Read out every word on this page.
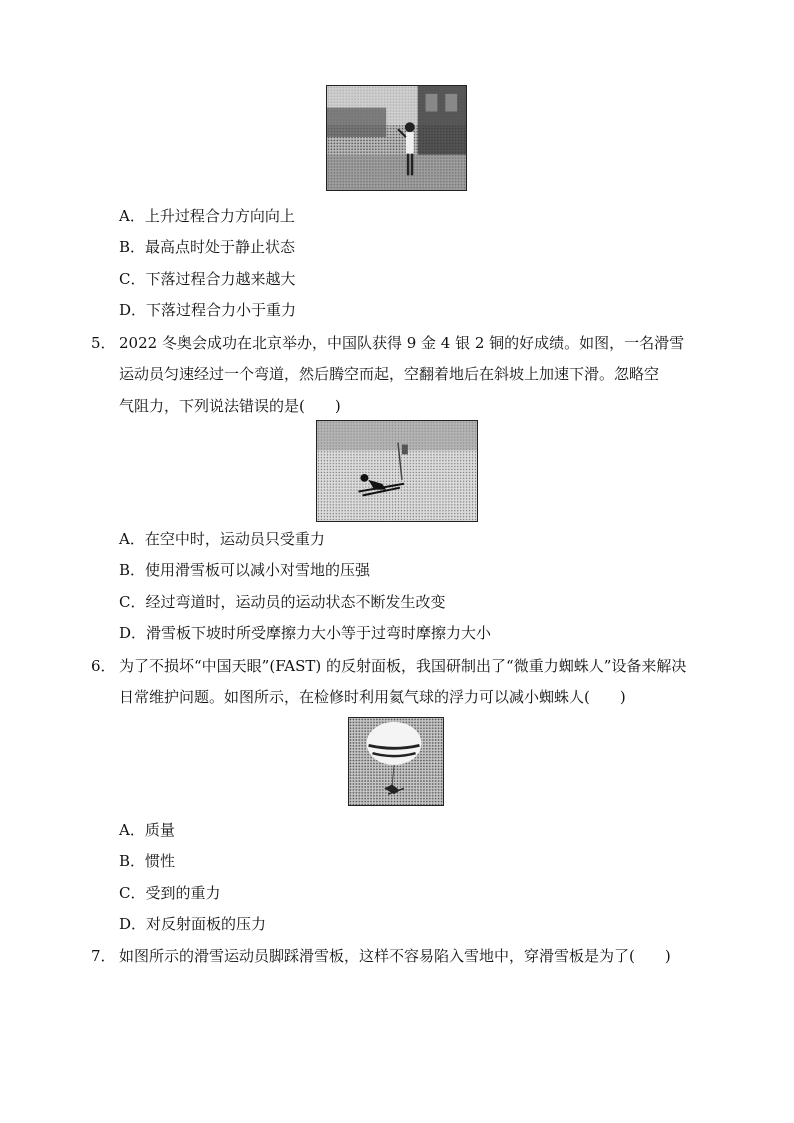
A．上升过程合力方向向上
B．最高点时处于静止状态
C．下落过程合力越来越大
D．下落过程合力小于重力
5． 2022 冬奥会成功在北京举办，中国队获得 9 金 4 银 2 铜的好成绩。如图，一名滑雪
运动员匀速经过一个弯道，然后腾空而起，空翻着地后在斜坡上加速下滑。忽略空
气阻力，下列说法错误的是(　　)
A．在空中时，运动员只受重力
B．使用滑雪板可以减小对雪地的压强
C．经过弯道时，运动员的运动状态不断发生改变
D．滑雪板下坡时所受摩擦力大小等于过弯时摩擦力大小
6． 为了不损坏“中国天眼”(FAST) 的反射面板，我国研制出了“微重力蜘蛛人”设备来解决
日常维护问题。如图所示，在检修时利用氦气球的浮力可以减小蜘蛛人(　　)
A．质量
B．惯性
C．受到的重力
D．对反射面板的压力
7． 如图所示的滑雪运动员脚踩滑雪板，这样不容易陷入雪地中，穿滑雪板是为了(　　)
